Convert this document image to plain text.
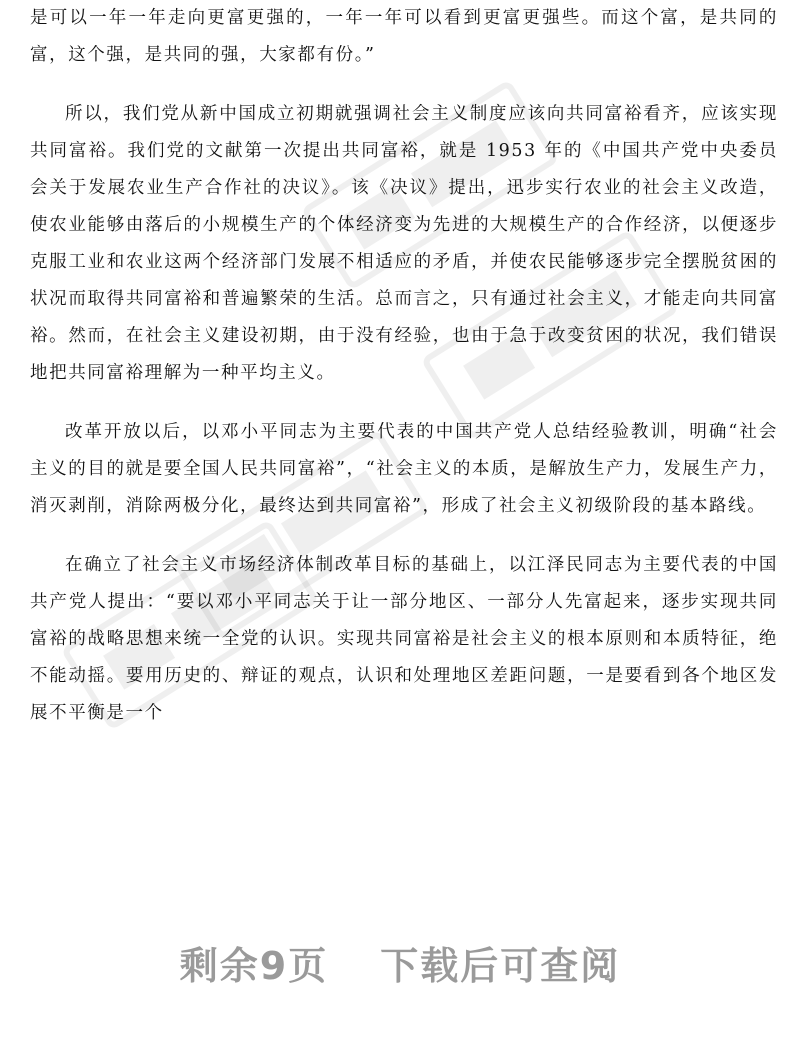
是可以一年一年走向更富更强的，一年一年可以看到更富更强些。而这个富，是共同的富，这个强，是共同的强，大家都有份。”

所以，我们党从新中国成立初期就强调社会主义制度应该向共同富裕看齐，应该实现共同富裕。我们党的文献第一次提出共同富裕，就是 1953 年的《中国共产党中央委员会关于发展农业生产合作社的决议》。该《决议》提出，迅步实行农业的社会主义改造，使农业能够由落后的小规模生产的个体经济变为先进的大规模生产的合作经济，以便逐步克服工业和农业这两个经济部门发展不相适应的矛盾，并使农民能够逐步完全摆脱贫困的状况而取得共同富裕和普遍繁荣的生活。总而言之，只有通过社会主义，才能走向共同富裕。然而，在社会主义建设初期，由于没有经验，也由于急于改变贫困的状况，我们错误地把共同富裕理解为一种平均主义。

改革开放以后，以邓小平同志为主要代表的中国共产党人总结经验教训，明确“社会主义的目的就是要全国人民共同富裕”，“社会主义的本质，是解放生产力，发展生产力，消灭剥削，消除两极分化，最终达到共同富裕”，形成了社会主义初级阶段的基本路线。

在确立了社会主义市场经济体制改革目标的基础上，以江泽民同志为主要代表的中国共产党人提出：“要以邓小平同志关于让一部分地区、一部分人先富起来，逐步实现共同富裕的战略思想来统一全党的认识。实现共同富裕是社会主义的根本原则和本质特征，绝不能动摇。要用历史的、辩证的观点，认识和处理地区差距问题，一是要看到各个地区发展不平衡是一个

剩余9页 下载后可查阅
